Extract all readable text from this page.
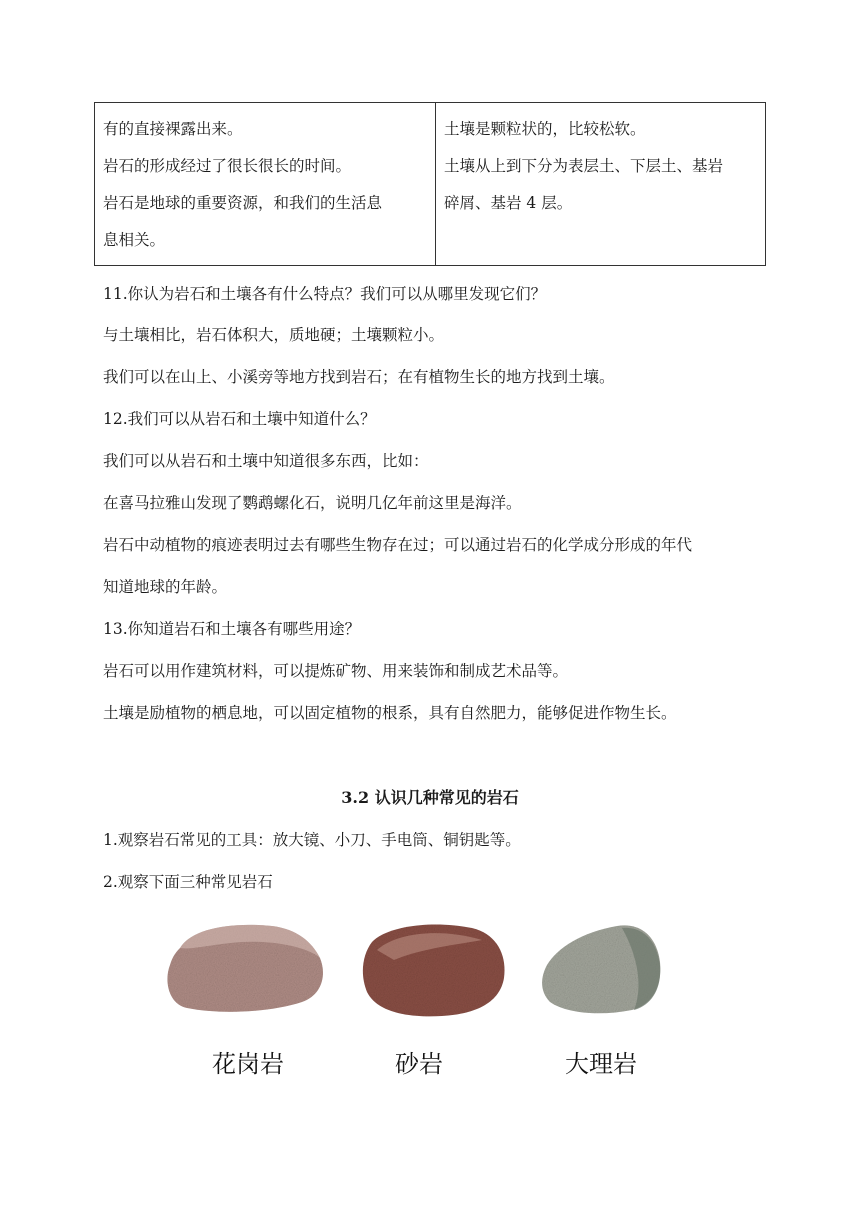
有的直接裸露出来。
岩石的形成经过了很长很长的时间。
岩石是地球的重要资源，和我们的生活息
息相关。

土壤是颗粒状的，比较松软。
土壤从上到下分为表层土、下层土、基岩
碎屑、基岩 4 层。
11.你认为岩石和土壤各有什么特点？我们可以从哪里发现它们？
与土壤相比，岩石体积大，质地硬；土壤颗粒小。
我们可以在山上、小溪旁等地方找到岩石；在有植物生长的地方找到土壤。
12.我们可以从岩石和土壤中知道什么？
我们可以从岩石和土壤中知道很多东西，比如：
在喜马拉雅山发现了鹦鹉螺化石，说明几亿年前这里是海洋。
岩石中动植物的痕迹表明过去有哪些生物存在过；可以通过岩石的化学成分形成的年代
知道地球的年龄。
13.你知道岩石和土壤各有哪些用途？
岩石可以用作建筑材料，可以提炼矿物、用来装饰和制成艺术品等。
土壤是励植物的栖息地，可以固定植物的根系，具有自然肥力，能够促进作物生长。
3.2 认识几种常见的岩石
1.观察岩石常见的工具：放大镜、小刀、手电筒、铜钥匙等。
2.观察下面三种常见岩石
花岗岩	砂岩	大理岩
